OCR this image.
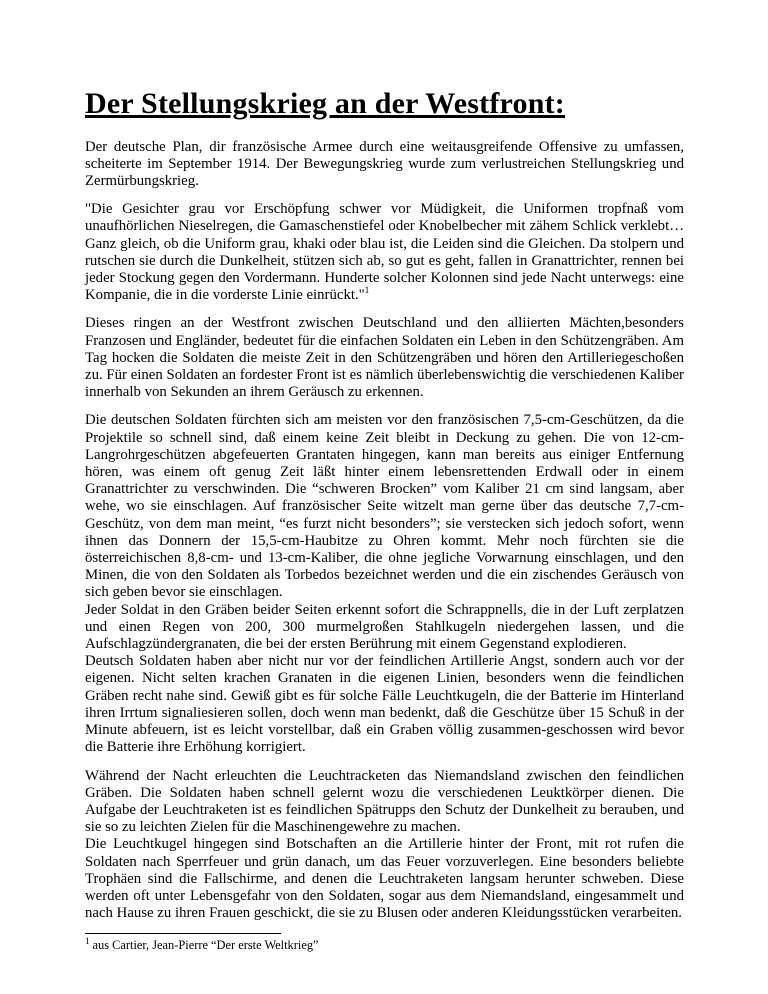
Der Stellungskrieg an der Westfront:

Der deutsche Plan, dir französische Armee durch eine weitausgreifende Offensive zu umfassen, scheiterte im September 1914. Der Bewegungskrieg wurde zum verlustreichen Stellungskrieg und Zermürbungskrieg.

"Die Gesichter grau vor Erschöpfung schwer vor Müdigkeit, die Uniformen tropfnaß vom unaufhörlichen Nieselregen, die Gamaschenstiefel oder Knobelbecher mit zähem Schlick verklebt… Ganz gleich, ob die Uniform grau, khaki oder blau ist, die Leiden sind die Gleichen. Da stolpern und rutschen sie durch die Dunkelheit, stützen sich ab, so gut es geht, fallen in Granattrichter, rennen bei jeder Stockung gegen den Vordermann. Hunderte solcher Kolonnen sind jede Nacht unterwegs: eine Kompanie, die in die vorderste Linie einrückt."$^1$

Dieses ringen an der Westfront zwischen Deutschland und den alliierten Mächten,besonders Franzosen und Engländer, bedeutet für die einfachen Soldaten ein Leben in den Schützengräben. Am Tag hocken die Soldaten die meiste Zeit in den Schützengräben und hören den Artilleriegeschoßen zu. Für einen Soldaten an fordester Front ist es nämlich überlebenswichtig die verschiedenen Kaliber innerhalb von Sekunden an ihrem Geräusch zu erkennen.

Die deutschen Soldaten fürchten sich am meisten vor den französischen 7,5-cm-Geschützen, da die Projektile so schnell sind, daß einem keine Zeit bleibt in Deckung zu gehen. Die von 12-cm-Langrohrgeschützen abgefeuerten Grantaten hingegen, kann man bereits aus einiger Entfernung hören, was einem oft genug Zeit läßt hinter einem lebensrettenden Erdwall oder in einem Granattrichter zu verschwinden. Die “schweren Brocken” vom Kaliber 21 cm sind langsam, aber wehe, wo sie einschlagen. Auf französischer Seite witzelt man gerne über das deutsche 7,7-cm-Geschütz, von dem man meint, “es furzt nicht besonders”; sie verstecken sich jedoch sofort, wenn ihnen das Donnern der 15,5-cm-Haubitze zu Ohren kommt. Mehr noch fürchten sie die österreichischen 8,8-cm- und 13-cm-Kaliber, die ohne jegliche Vorwarnung einschlagen, und den Minen, die von den Soldaten als Torbedos bezeichnet werden und die ein zischendes Geräusch von sich geben bevor sie einschlagen.

Jeder Soldat in den Gräben beider Seiten erkennt sofort die Schrappnells, die in der Luft zerplatzen und einen Regen von 200, 300 murmelgroßen Stahlkugeln niedergehen lassen, und die Aufschlagzündergranaten, die bei der ersten Berührung mit einem Gegenstand explodieren.

Deutsch Soldaten haben aber nicht nur vor der feindlichen Artillerie Angst, sondern auch vor der eigenen. Nicht selten krachen Granaten in die eigenen Linien, besonders wenn die feindlichen Gräben recht nahe sind. Gewiß gibt es für solche Fälle Leuchtkugeln, die der Batterie im Hinterland ihren Irrtum signaliesieren sollen, doch wenn man bedenkt, daß die Geschütze über 15 Schuß in der Minute abfeuern, ist es leicht vorstellbar, daß ein Graben völlig zusammen-geschossen wird bevor die Batterie ihre Erhöhung korrigiert.

Während der Nacht erleuchten die Leuchtracketen das Niemandsland zwischen den feindlichen Gräben. Die Soldaten haben schnell gelernt wozu die verschiedenen Leuktkörper dienen. Die Aufgabe der Leuchtraketen ist es feindlichen Spätrupps den Schutz der Dunkelheit zu berauben, und sie so zu leichten Zielen für die Maschinengewehre zu machen.

Die Leuchtkugel hingegen sind Botschaften an die Artillerie hinter der Front, mit rot rufen die Soldaten nach Sperrfeuer und grün danach, um das Feuer vorzuverlegen. Eine besonders beliebte Trophäen sind die Fallschirme, and denen die Leuchtraketen langsam herunter schweben. Diese werden oft unter Lebensgefahr von den Soldaten, sogar aus dem Niemandsland, eingesammelt und nach Hause zu ihren Frauen geschickt, die sie zu Blusen oder anderen Kleidungsstücken verarbeiten.

$^1$ aus Cartier, Jean-Pierre “Der erste Weltkrieg”
